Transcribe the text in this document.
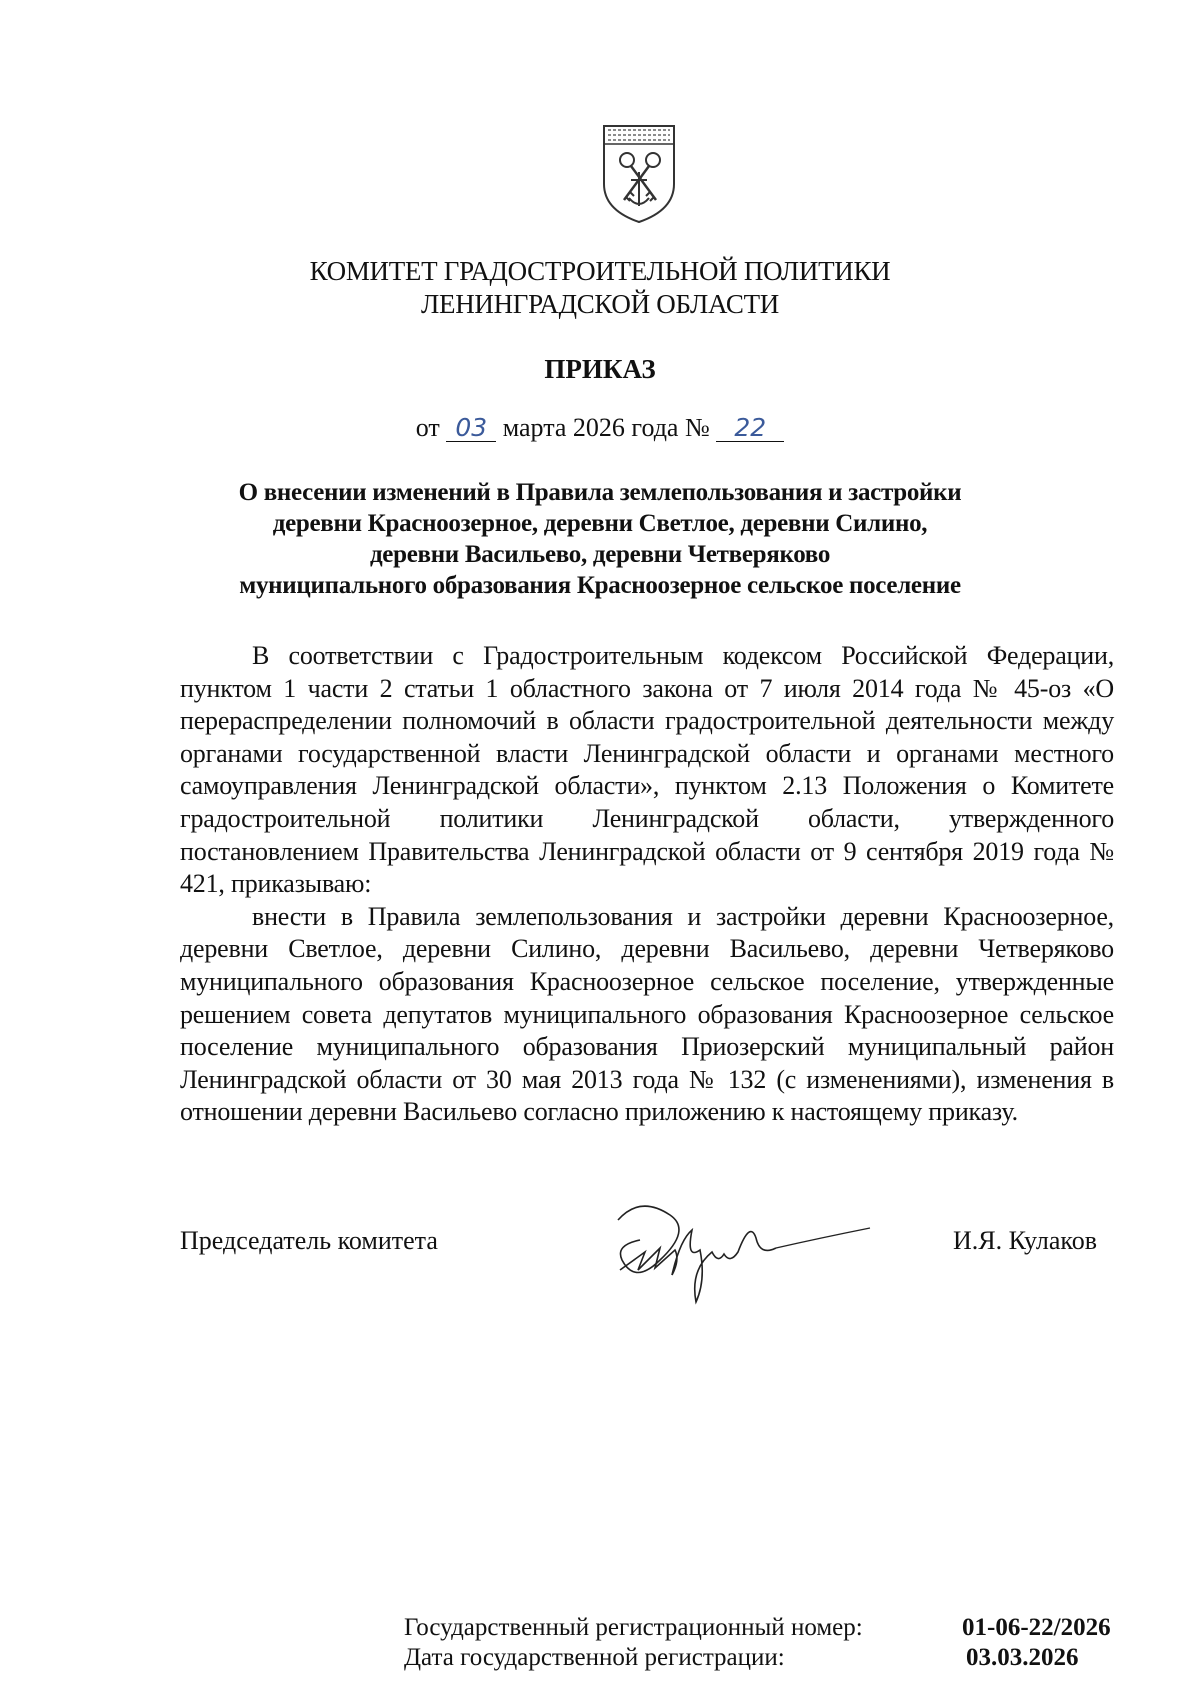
КОМИТЕТ ГРАДОСТРОИТЕЛЬНОЙ ПОЛИТИКИ
ЛЕНИНГРАДСКОЙ ОБЛАСТИ
ПРИКАЗ
от 03 марта 2026 года № 22
О внесении изменений в Правила землепользования и застройки
деревни Красноозерное, деревни Светлое, деревни Силино,
деревни Васильево, деревни Четверяково
муниципального образования Красноозерное сельское поселение

В соответствии с Градостроительным кодексом Российской Федерации, пунктом 1 части 2 статьи 1 областного закона от 7 июля 2014 года № 45-оз «О перераспределении полномочий в области градостроительной деятельности между органами государственной власти Ленинградской области и органами местного самоуправления Ленинградской области», пунктом 2.13 Положения о Комитете градостроительной политики Ленинградской области, утвержденного постановлением Правительства Ленинградской области от 9 сентября 2019 года № 421, приказываю:

внести в Правила землепользования и застройки деревни Красноозерное, деревни Светлое, деревни Силино, деревни Васильево, деревни Четверяково муниципального образования Красноозерное сельское поселение, утвержденные решением совета депутатов муниципального образования Красноозерное сельское поселение муниципального образования Приозерский муниципальный район Ленинградской области от 30 мая 2013 года № 132 (с изменениями), изменения в отношении деревни Васильево согласно приложению к настоящему приказу.

Председатель комитета	И.Я. Кулаков
Государственный регистрационный номер:	01-06-22/2026
Дата государственной регистрации:	03.03.2026
